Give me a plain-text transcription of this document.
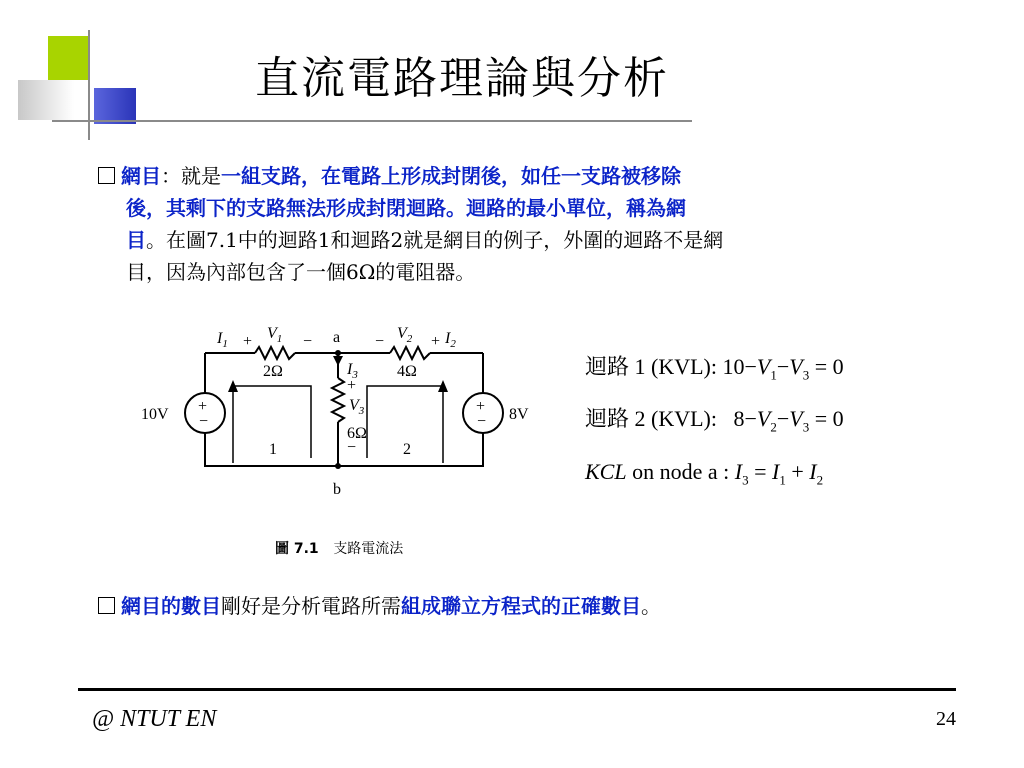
直流電路理論與分析
網目：就是一組支路，在電路上形成封閉後，如任一支路被移除
後，其剩下的支路無法形成封閉迴路。迴路的最小單位，稱為網
目。在圖7.1中的迴路1和迴路2就是網目的例子，外圍的迴路不是網
目，因為內部包含了一個6Ω的電阻器。
$I_1 + V_1 - a - V_2 + I_2$
2Ω	4Ω
$I_3$
+
$V_3$
6Ω
−
+
−
+
−
10V	8V
1	2
b
圖 7.1 支路電流法
迴路 1 (KVL): $10-V_1-V_3 = 0$
迴路 2 (KVL): $8-V_2-V_3 = 0$
KCL on node a : $I_3 = I_1 + I_2$
網目的數目剛好是分析電路所需組成聯立方程式的正確數目。
@ NTUT EN	24
